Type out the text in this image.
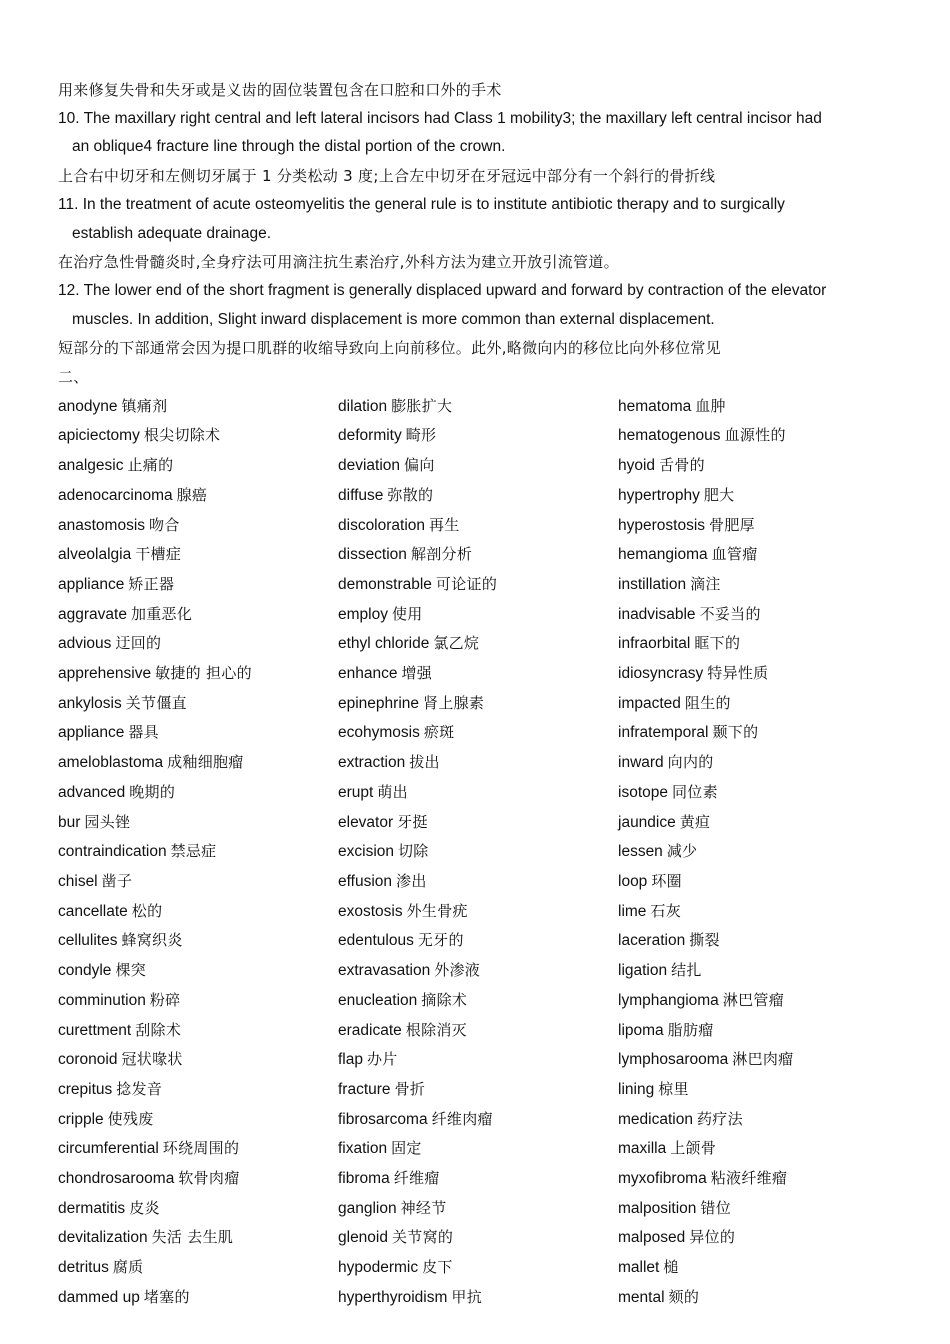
用来修复失骨和失牙或是义齿的固位装置包含在口腔和口外的手术
10. The maxillary right central and left lateral incisors had Class 1 mobility3; the maxillary left central incisor had
an oblique4 fracture line through the distal portion of the crown.
上合右中切牙和左侧切牙属于 1 分类松动 3 度;上合左中切牙在牙冠远中部分有一个斜行的骨折线
11. In the treatment of acute osteomyelitis the general rule is to institute antibiotic therapy and to surgically
establish adequate drainage.
在治疗急性骨髓炎时,全身疗法可用滴注抗生素治疗,外科方法为建立开放引流管道。
12. The lower end of the short fragment is generally displaced upward and forward by contraction of the elevator
muscles. In addition, Slight inward displacement is more common than external displacement.
短部分的下部通常会因为提口肌群的收缩导致向上向前移位。此外,略微向内的移位比向外移位常见
二、
anodyne 镇痛剂
apiciectomy 根尖切除术
analgesic 止痛的
adenocarcinoma 腺癌
anastomosis 吻合
alveolalgia 干槽症
appliance 矫正器
aggravate 加重恶化
advious 迂回的
apprehensive 敏捷的 担心的
ankylosis 关节僵直
appliance 器具
ameloblastoma 成釉细胞瘤
advanced 晚期的
bur 园头锉
contraindication 禁忌症
chisel 凿子
cancellate 松的
cellulites 蜂窝织炎
condyle 棵突
comminution 粉碎
curettment 刮除术
coronoid 冠状喙状
crepitus 捻发音
cripple 使残废
circumferential 环绕周围的
chondrosarooma 软骨肉瘤
dermatitis 皮炎
devitalization 失活 去生肌
detritus 腐质
dammed up 堵塞的
dilation 膨胀扩大
deformity 畸形
deviation 偏向
diffuse 弥散的
discoloration 再生
dissection 解剖分析
demonstrable 可论证的
employ 使用
ethyl chloride 氯乙烷
enhance 增强
epinephrine 肾上腺素
ecohymosis 瘀斑
extraction 拔出
erupt 萌出
elevator 牙挺
excision 切除
effusion 渗出
exostosis 外生骨疣
edentulous 无牙的
extravasation 外渗液
enucleation 摘除术
eradicate 根除消灭
flap 办片
fracture 骨折
fibrosarcoma 纤维肉瘤
fixation 固定
fibroma 纤维瘤
ganglion 神经节
glenoid 关节窝的
hypodermic 皮下
hyperthyroidism 甲抗
hematoma 血肿
hematogenous 血源性的
hyoid 舌骨的
hypertrophy 肥大
hyperostosis 骨肥厚
hemangioma 血管瘤
instillation 滴注
inadvisable 不妥当的
infraorbital 眶下的
idiosyncrasy 特异性质
impacted 阻生的
infratemporal 颞下的
inward 向内的
isotope 同位素
jaundice 黄疸
lessen 减少
loop 环圈
lime 石灰
laceration 撕裂
ligation 结扎
lymphangioma 淋巴管瘤
lipoma 脂肪瘤
lymphosarooma 淋巴肉瘤
lining 椋里
medication 药疗法
maxilla 上颌骨
myxofibroma 粘液纤维瘤
malposition 错位
malposed 异位的
mallet 槌
mental 颏的
